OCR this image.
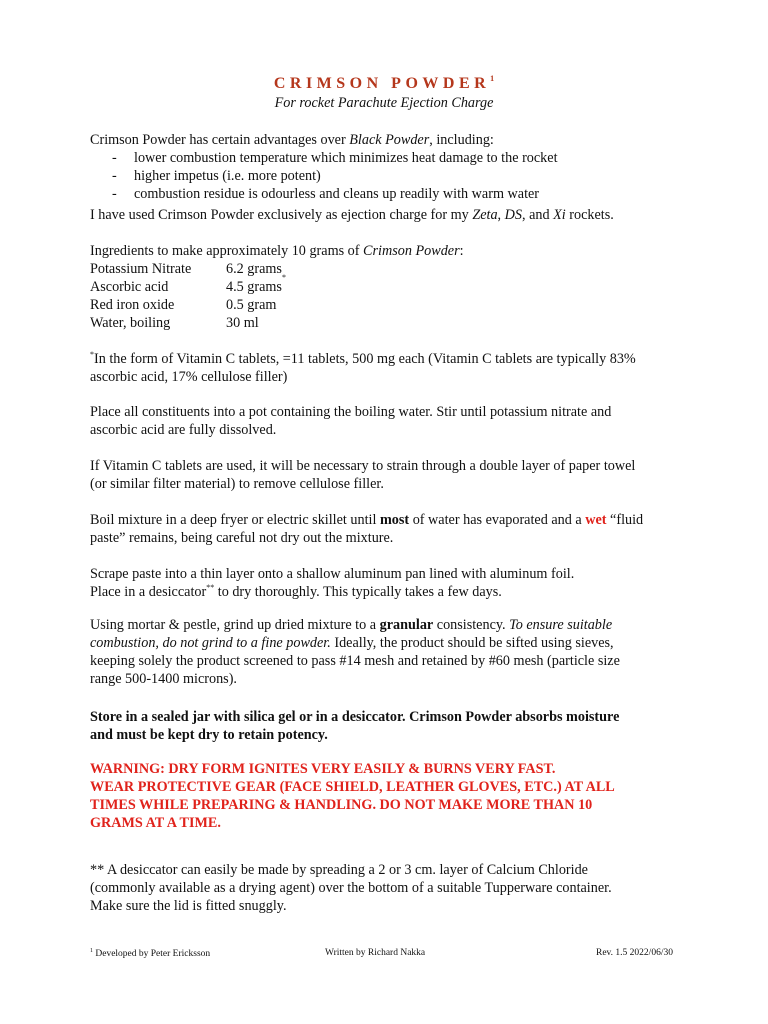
CRIMSON POWDER$^1$
For rocket Parachute Ejection Charge

Crimson Powder has certain advantages over Black Powder, including:

-	lower combustion temperature which minimizes heat damage to the rocket
-	higher impetus (i.e. more potent)
-	combustion residue is odourless and cleans up readily with warm water

I have used Crimson Powder exclusively as ejection charge for my Zeta, DS, and Xi rockets.

Ingredients to make approximately 10 grams of Crimson Powder:

Potassium Nitrate	6.2 grams
Ascorbic acid	4.5 grams
*
Red iron oxide	0.5 gram
Water, boiling	30 ml

*In the form of Vitamin C tablets, =11 tablets, 500 mg each (Vitamin C tablets are typically 83%
ascorbic acid, 17% cellulose filler)

Place all constituents into a pot containing the boiling water. Stir until potassium nitrate and
ascorbic acid are fully dissolved.

If Vitamin C tablets are used, it will be necessary to strain through a double layer of paper towel
(or similar filter material) to remove cellulose filler.

Boil mixture in a deep fryer or electric skillet until most of water has evaporated and a wet “fluid
paste” remains, being careful not dry out the mixture.

Scrape paste into a thin layer onto a shallow aluminum pan lined with aluminum foil.
Place in a desiccator** to dry thoroughly. This typically takes a few days.

Using mortar & pestle, grind up dried mixture to a granular consistency. To ensure suitable
combustion, do not grind to a fine powder. Ideally, the product should be sifted using sieves,
keeping solely the product screened to pass #14 mesh and retained by #60 mesh (particle size
range 500-1400 microns).

Store in a sealed jar with silica gel or in a desiccator. Crimson Powder absorbs moisture
and must be kept dry to retain potency.

WARNING: DRY FORM IGNITES VERY EASILY & BURNS VERY FAST.
WEAR PROTECTIVE GEAR (FACE SHIELD, LEATHER GLOVES, ETC.) AT ALL
TIMES WHILE PREPARING & HANDLING. DO NOT MAKE MORE THAN 10
GRAMS AT A TIME.

** A desiccator can easily be made by spreading a 2 or 3 cm. layer of Calcium Chloride
(commonly available as a drying agent) over the bottom of a suitable Tupperware container.
Make sure the lid is fitted snuggly.

$^1$ Developed by Peter Ericksson	Written by Richard Nakka	Rev. 1.5 2022/06/30
